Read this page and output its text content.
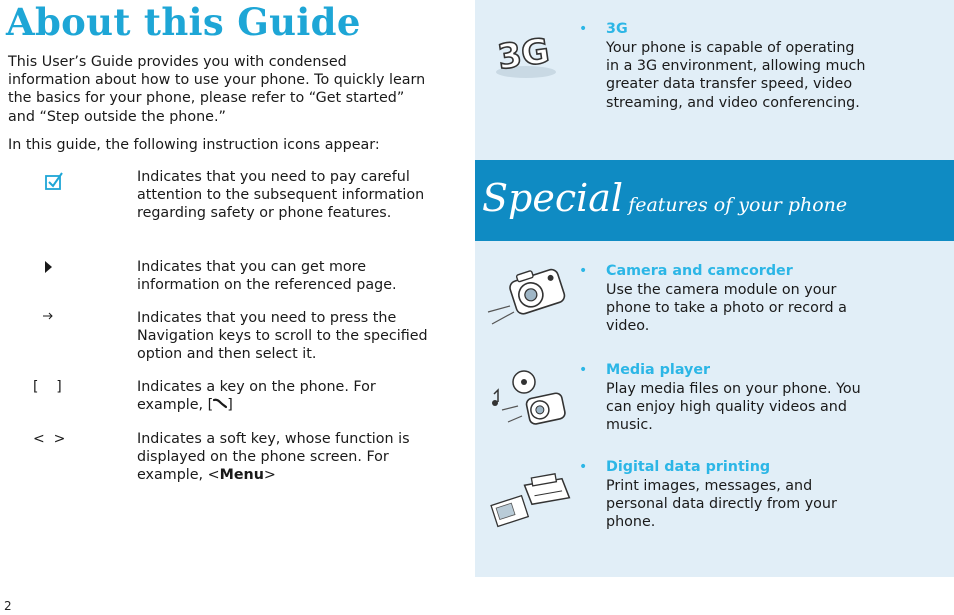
About this Guide

This User’s Guide provides you with condensed information about how to use your phone. To quickly learn the basics for your phone, please refer to “Get started” and “Step outside the phone.”

In this guide, the following instruction icons appear:

Indicates that you need to pay careful attention to the subsequent information regarding safety or phone features.
Indicates that you can get more information on the referenced page.
Indicates that you need to press the Navigation keys to scroll to the specified option and then select it.
[    ]	Indicates a key on the phone. For example, [ ]
<  >	Indicates a soft key, whose function is displayed on the phone screen. For example, <Menu>
2
Special features of your phone
3G
• 3G
Your phone is capable of operating in a 3G environment, allowing much greater data transfer speed, video streaming, and video conferencing.
• Camera and camcorder
Use the camera module on your phone to take a photo or record a video.
• Media player
Play media files on your phone. You can enjoy high quality videos and music.
• Digital data printing
Print images, messages, and personal data directly from your phone.
